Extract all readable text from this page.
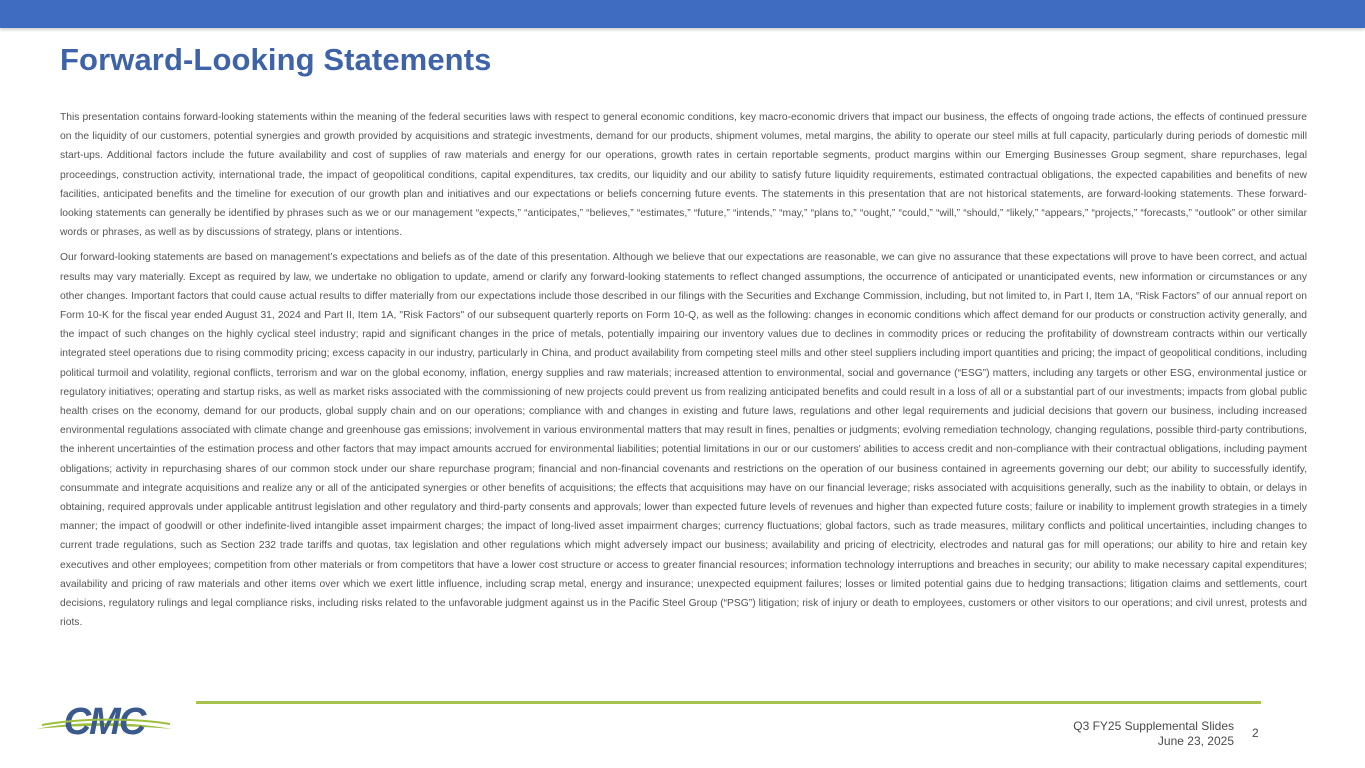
Forward-Looking Statements

This presentation contains forward-looking statements within the meaning of the federal securities laws with respect to general economic conditions, key macro-economic drivers that impact our business, the effects of ongoing trade actions, the effects of continued pressure on the liquidity of our customers, potential synergies and growth provided by acquisitions and strategic investments, demand for our products, shipment volumes, metal margins, the ability to operate our steel mills at full capacity, particularly during periods of domestic mill start-ups. Additional factors include the future availability and cost of supplies of raw materials and energy for our operations, growth rates in certain reportable segments, product margins within our Emerging Businesses Group segment, share repurchases, legal proceedings, construction activity, international trade, the impact of geopolitical conditions, capital expenditures, tax credits, our liquidity and our ability to satisfy future liquidity requirements, estimated contractual obligations, the expected capabilities and benefits of new facilities, anticipated benefits and the timeline for execution of our growth plan and initiatives and our expectations or beliefs concerning future events. The statements in this presentation that are not historical statements, are forward-looking statements. These forward-looking statements can generally be identified by phrases such as we or our management “expects,” “anticipates,” “believes,” “estimates,” “future,” “intends,” “may,” “plans to,” “ought,” “could,” “will,” “should,” “likely,” “appears,” “projects,” “forecasts,” “outlook” or other similar words or phrases, as well as by discussions of strategy, plans or intentions.

Our forward-looking statements are based on management’s expectations and beliefs as of the date of this presentation. Although we believe that our expectations are reasonable, we can give no assurance that these expectations will prove to have been correct, and actual results may vary materially. Except as required by law, we undertake no obligation to update, amend or clarify any forward-looking statements to reflect changed assumptions, the occurrence of anticipated or unanticipated events, new information or circumstances or any other changes. Important factors that could cause actual results to differ materially from our expectations include those described in our filings with the Securities and Exchange Commission, including, but not limited to, in Part I, Item 1A, “Risk Factors” of our annual report on Form 10-K for the fiscal year ended August 31, 2024 and Part II, Item 1A, "Risk Factors" of our subsequent quarterly reports on Form 10-Q, as well as the following: changes in economic conditions which affect demand for our products or construction activity generally, and the impact of such changes on the highly cyclical steel industry; rapid and significant changes in the price of metals, potentially impairing our inventory values due to declines in commodity prices or reducing the profitability of downstream contracts within our vertically integrated steel operations due to rising commodity pricing; excess capacity in our industry, particularly in China, and product availability from competing steel mills and other steel suppliers including import quantities and pricing; the impact of geopolitical conditions, including political turmoil and volatility, regional conflicts, terrorism and war on the global economy, inflation, energy supplies and raw materials; increased attention to environmental, social and governance (“ESG”) matters, including any targets or other ESG, environmental justice or regulatory initiatives; operating and startup risks, as well as market risks associated with the commissioning of new projects could prevent us from realizing anticipated benefits and could result in a loss of all or a substantial part of our investments; impacts from global public health crises on the economy, demand for our products, global supply chain and on our operations; compliance with and changes in existing and future laws, regulations and other legal requirements and judicial decisions that govern our business, including increased environmental regulations associated with climate change and greenhouse gas emissions; involvement in various environmental matters that may result in fines, penalties or judgments; evolving remediation technology, changing regulations, possible third-party contributions, the inherent uncertainties of the estimation process and other factors that may impact amounts accrued for environmental liabilities; potential limitations in our or our customers' abilities to access credit and non-compliance with their contractual obligations, including payment obligations; activity in repurchasing shares of our common stock under our share repurchase program; financial and non-financial covenants and restrictions on the operation of our business contained in agreements governing our debt; our ability to successfully identify, consummate and integrate acquisitions and realize any or all of the anticipated synergies or other benefits of acquisitions; the effects that acquisitions may have on our financial leverage; risks associated with acquisitions generally, such as the inability to obtain, or delays in obtaining, required approvals under applicable antitrust legislation and other regulatory and third-party consents and approvals; lower than expected future levels of revenues and higher than expected future costs; failure or inability to implement growth strategies in a timely manner; the impact of goodwill or other indefinite-lived intangible asset impairment charges; the impact of long-lived asset impairment charges; currency fluctuations; global factors, such as trade measures, military conflicts and political uncertainties, including changes to current trade regulations, such as Section 232 trade tariffs and quotas, tax legislation and other regulations which might adversely impact our business; availability and pricing of electricity, electrodes and natural gas for mill operations; our ability to hire and retain key executives and other employees; competition from other materials or from competitors that have a lower cost structure or access to greater financial resources; information technology interruptions and breaches in security; our ability to make necessary capital expenditures; availability and pricing of raw materials and other items over which we exert little influence, including scrap metal, energy and insurance; unexpected equipment failures; losses or limited potential gains due to hedging transactions; litigation claims and settlements, court decisions, regulatory rulings and legal compliance risks, including risks related to the unfavorable judgment against us in the Pacific Steel Group (“PSG”) litigation; risk of injury or death to employees, customers or other visitors to our operations; and civil unrest, protests and riots.

CMC	Q3 FY25 Supplemental Slides
June 23, 2025
2
